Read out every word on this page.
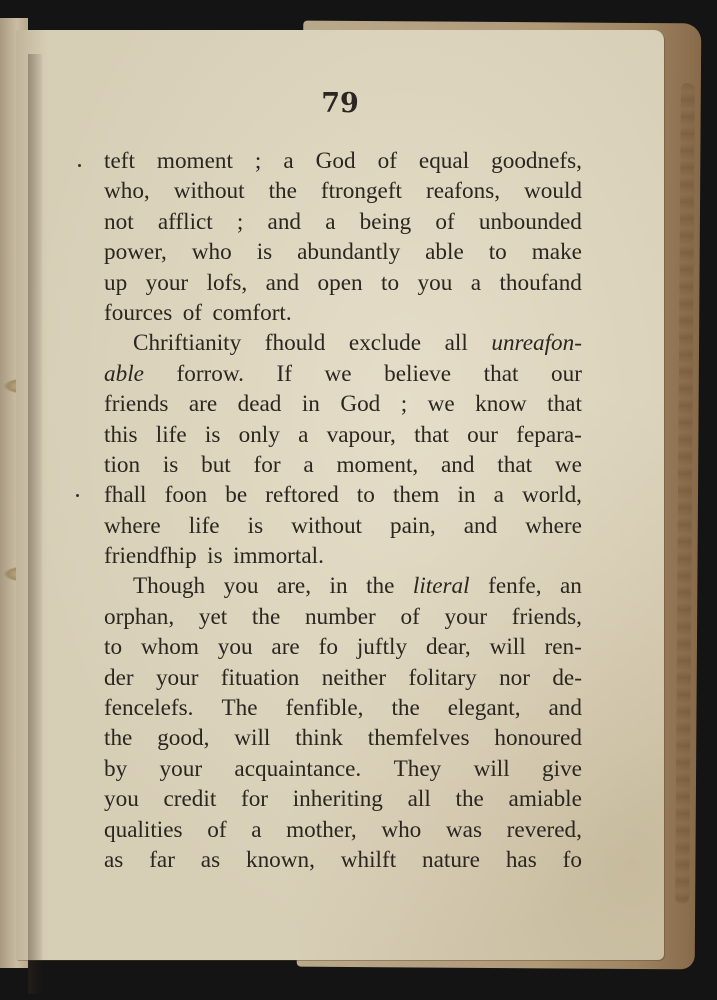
79
teft moment ; a God of equal goodnefs,
who, without the ftrongeft reafons, would
not afflict ; and a being of unbounded
power, who is abundantly able to make
up your lofs, and open to you a thoufand
fources of comfort.
Chriftianity fhould exclude all unreafon-
able forrow. If we believe that our
friends are dead in God ; we know that
this life is only a vapour, that our fepara-
tion is but for a moment, and that we
fhall foon be reftored to them in a world,
where life is without pain, and where
friendfhip is immortal.
Though you are, in the literal fenfe, an
orphan, yet the number of your friends,
to whom you are fo juftly dear, will ren-
der your fituation neither folitary nor de-
fencelefs. The fenfible, the elegant, and
the good, will think themfelves honoured
by your acquaintance. They will give
you credit for inheriting all the amiable
qualities of a mother, who was revered,
as far as known, whilft nature has fo
